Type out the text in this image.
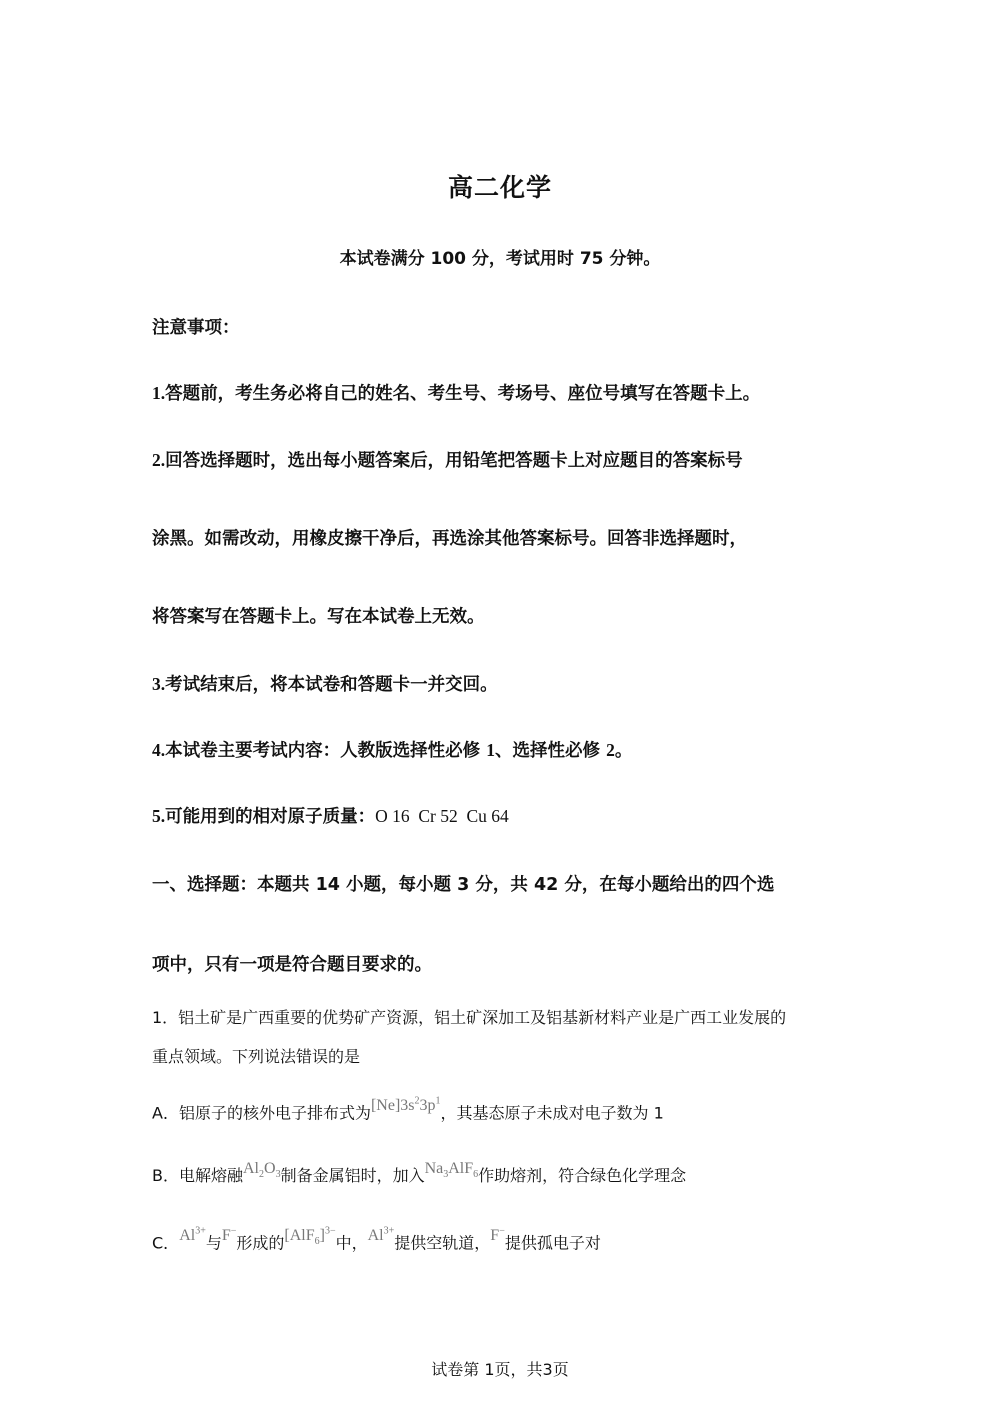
高二化学
本试卷满分 100 分，考试用时 75 分钟。
注意事项：
1.答题前，考生务必将自己的姓名、考生号、考场号、座位号填写在答题卡上。
2.回答选择题时，选出每小题答案后，用铅笔把答题卡上对应题目的答案标号
涂黑。如需改动，用橡皮擦干净后，再选涂其他答案标号。回答非选择题时，
将答案写在答题卡上。写在本试卷上无效。
3.考试结束后，将本试卷和答题卡一并交回。
4.本试卷主要考试内容：人教版选择性必修 1、选择性必修 2。
5.可能用到的相对原子质量：O 16  Cr 52  Cu 64
一、选择题：本题共 14 小题，每小题 3 分，共 42 分，在每小题给出的四个选
项中，只有一项是符合题目要求的。
1．铝土矿是广西重要的优势矿产资源，铝土矿深加工及铝基新材料产业是广西工业发展的
重点领域。下列说法错误的是
A．铝原子的核外电子排布式为$[Ne]3s^23p^1$，其基态原子未成对电子数为 1
B．电解熔融$Al_2O_3$制备金属铝时，加入$Na_3AlF_6$作助熔剂，符合绿色化学理念
C．$Al^{3+}$与F−形成的$[AlF_6]^{3-}$中，$Al^{3+}$提供空轨道，F−提供孤电子对
试卷第 1页，共3页
